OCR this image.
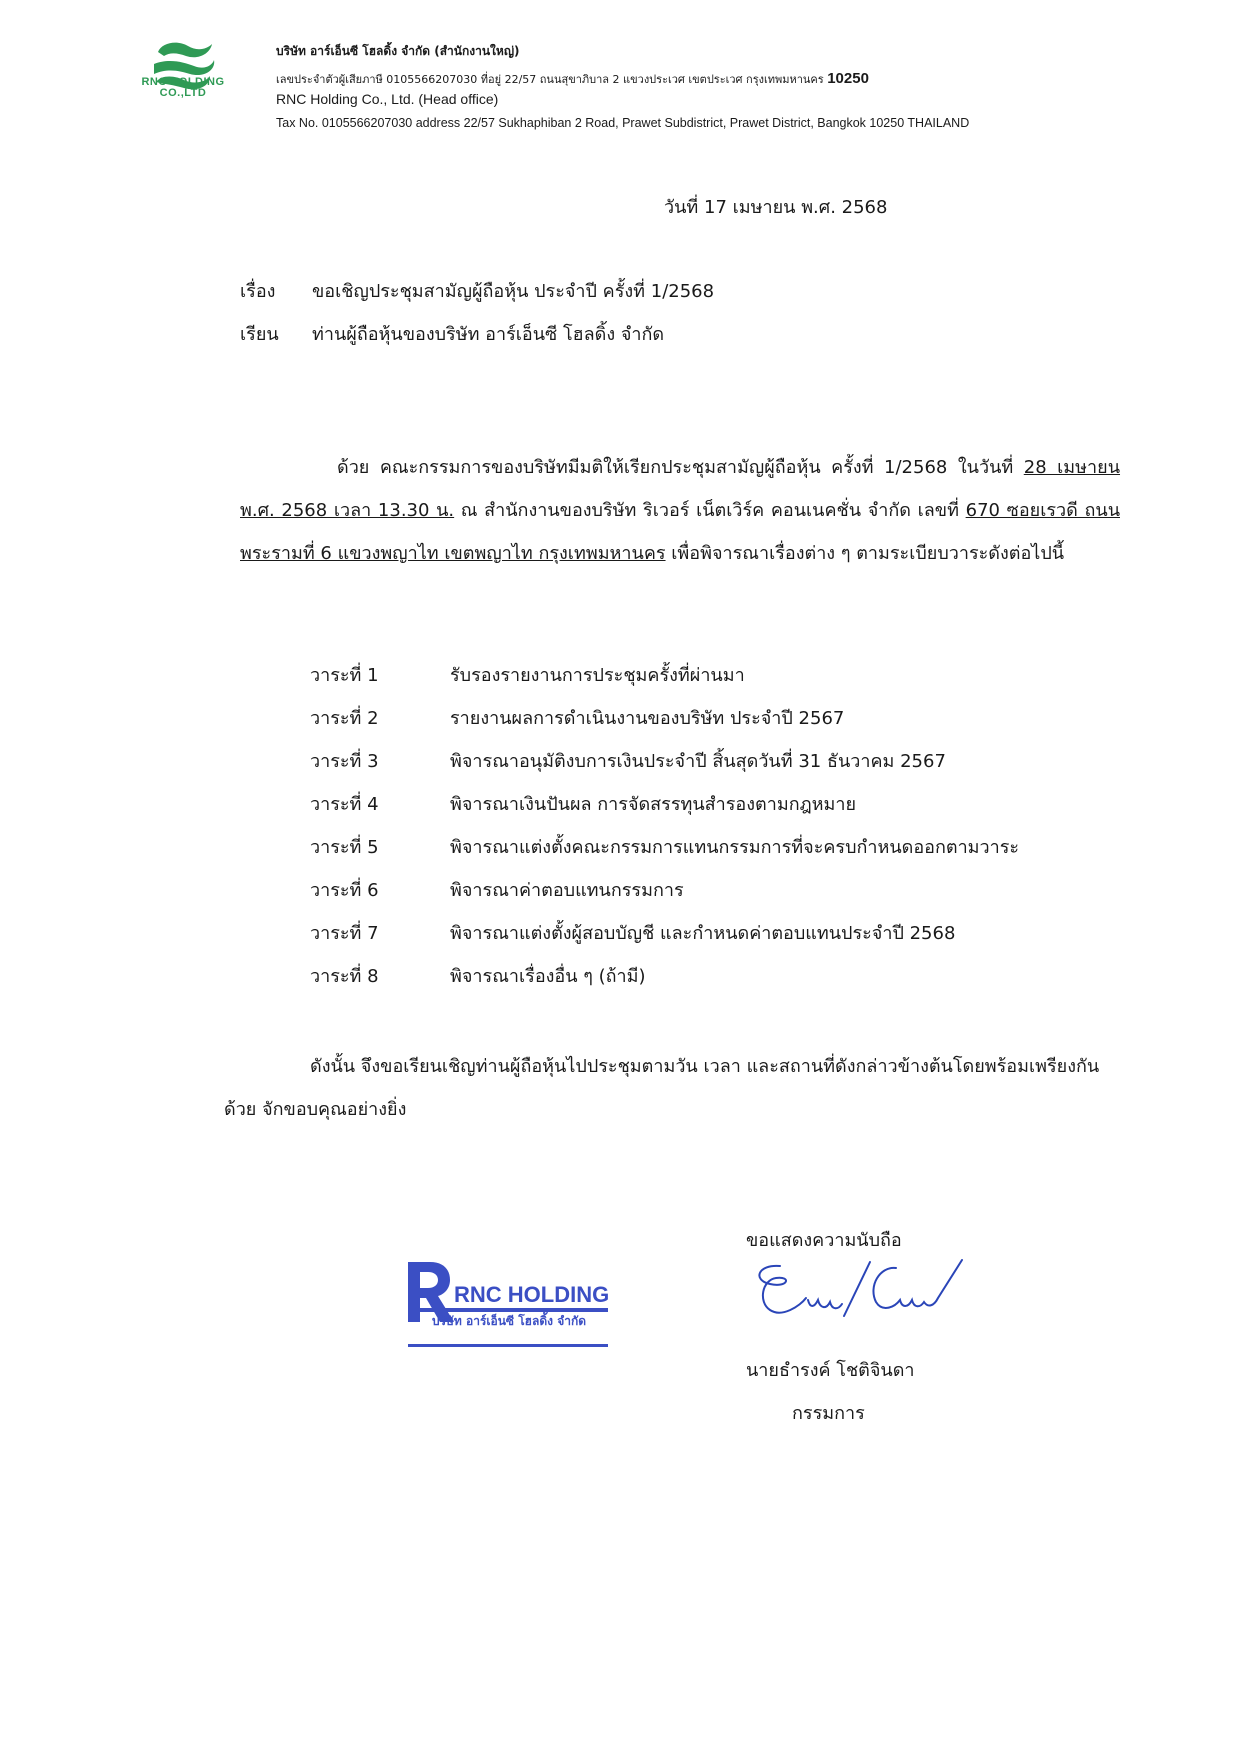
RNC HOLDING
CO.,LTD
บริษัท อาร์เอ็นซี โฮลดิ้ง จำกัด (สำนักงานใหญ่)
เลขประจำตัวผู้เสียภาษี 0105566207030 ที่อยู่ 22/57 ถนนสุขาภิบาล 2 แขวงประเวศ เขตประเวศ กรุงเทพมหานคร 10250
RNC Holding Co., Ltd. (Head office)
Tax No. 0105566207030 address 22/57 Sukhaphiban 2 Road, Prawet Subdistrict, Prawet District, Bangkok 10250 THAILAND
วันที่ 17 เมษายน พ.ศ. 2568
เรื่อง ขอเชิญประชุมสามัญผู้ถือหุ้น ประจำปี ครั้งที่ 1/2568
เรียน ท่านผู้ถือหุ้นของบริษัท อาร์เอ็นซี โฮลดิ้ง จำกัด
ด้วย คณะกรรมการของบริษัทมีมติให้เรียกประชุมสามัญผู้ถือหุ้น ครั้งที่ 1/2568 ในวันที่ 28 เมษายน พ.ศ. 2568 เวลา 13.30 น. ณ สำนักงานของบริษัท ริเวอร์ เน็ตเวิร์ค คอนเนคชั่น จำกัด เลขที่ 670 ซอยเรวดี ถนนพระรามที่ 6 แขวงพญาไท เขตพญาไท กรุงเทพมหานคร เพื่อพิจารณาเรื่องต่าง ๆ ตามระเบียบวาระดังต่อไปนี้
วาระที่ 1	รับรองรายงานการประชุมครั้งที่ผ่านมา
วาระที่ 2	รายงานผลการดำเนินงานของบริษัท ประจำปี 2567
วาระที่ 3	พิจารณาอนุมัติงบการเงินประจำปี สิ้นสุดวันที่ 31 ธันวาคม 2567
วาระที่ 4	พิจารณาเงินปันผล การจัดสรรทุนสำรองตามกฎหมาย
วาระที่ 5	พิจารณาแต่งตั้งคณะกรรมการแทนกรรมการที่จะครบกำหนดออกตามวาระ
วาระที่ 6	พิจารณาค่าตอบแทนกรรมการ
วาระที่ 7	พิจารณาแต่งตั้งผู้สอบบัญชี และกำหนดค่าตอบแทนประจำปี 2568
วาระที่ 8	พิจารณาเรื่องอื่น ๆ (ถ้ามี)
ดังนั้น จึงขอเรียนเชิญท่านผู้ถือหุ้นไปประชุมตามวัน เวลา และสถานที่ดังกล่าวข้างต้นโดยพร้อมเพรียงกันด้วย จักขอบคุณอย่างยิ่ง
RNC HOLDING
บริษัท อาร์เอ็นซี โฮลดิ้ง จำกัด
ขอแสดงความนับถือ
นายธำรงค์ โชติจินดา
กรรมการ
